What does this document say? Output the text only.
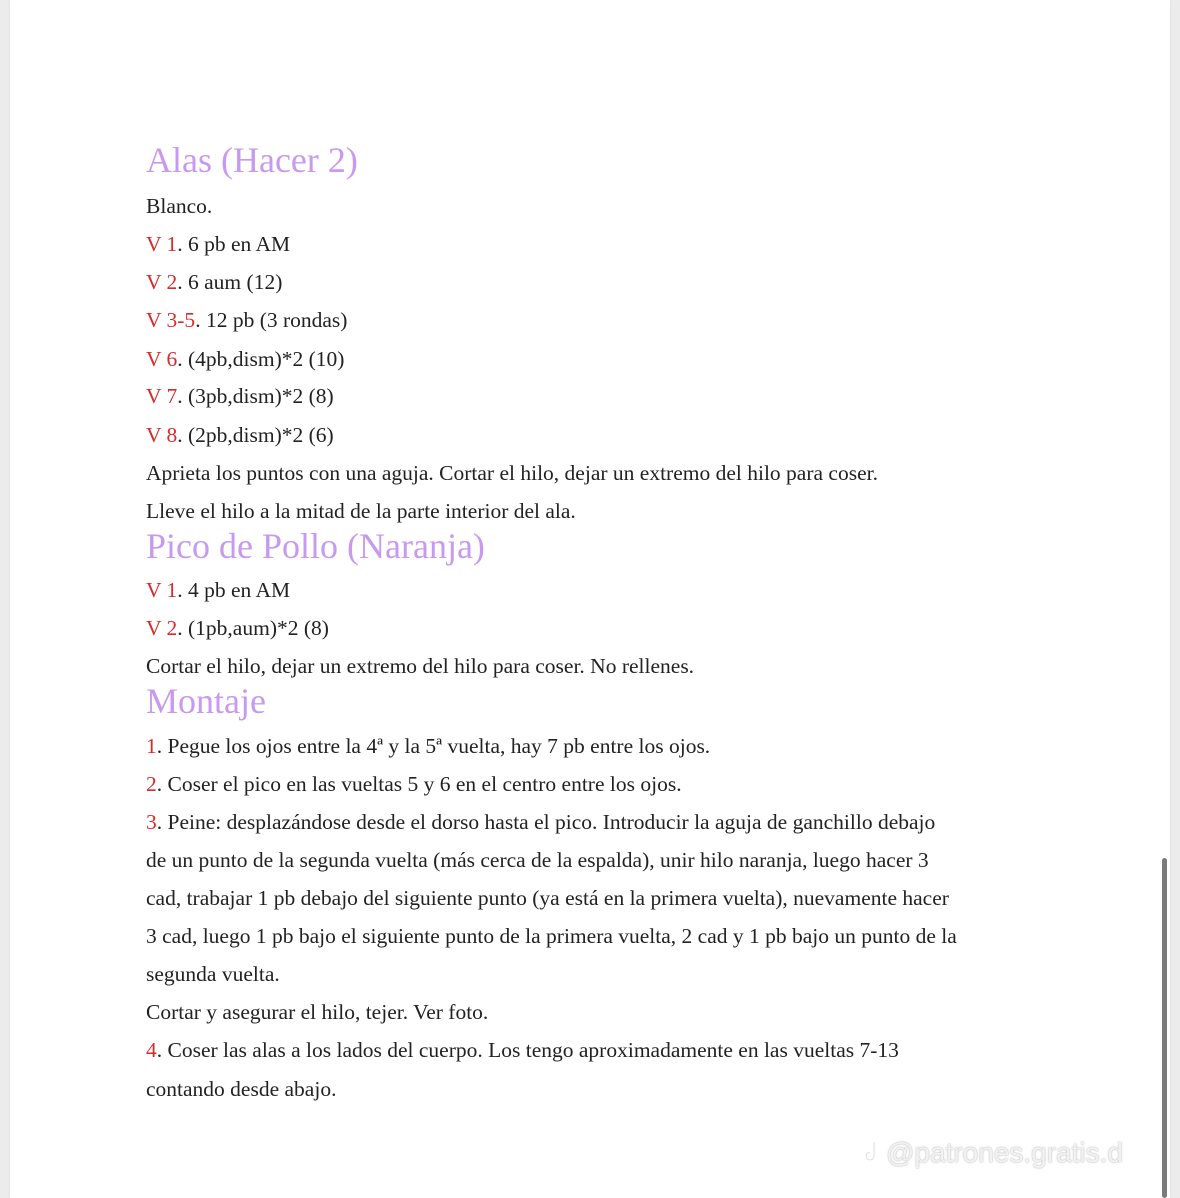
Alas (Hacer 2)
Blanco.
V 1. 6 pb en AM
V 2. 6 aum (12)
V 3-5. 12 pb (3 rondas)
V 6. (4pb,dism)*2 (10)
V 7. (3pb,dism)*2 (8)
V 8. (2pb,dism)*2 (6)
Aprieta los puntos con una aguja. Cortar el hilo, dejar un extremo del hilo para coser.
Lleve el hilo a la mitad de la parte interior del ala.
Pico de Pollo (Naranja)
V 1. 4 pb en AM
V 2. (1pb,aum)*2 (8)
Cortar el hilo, dejar un extremo del hilo para coser. No rellenes.
Montaje
1. Pegue los ojos entre la 4ª y la 5ª vuelta, hay 7 pb entre los ojos.
2. Coser el pico en las vueltas 5 y 6 en el centro entre los ojos.
3. Peine: desplazándose desde el dorso hasta el pico. Introducir la aguja de ganchillo debajo
de un punto de la segunda vuelta (más cerca de la espalda), unir hilo naranja, luego hacer 3
cad, trabajar 1 pb debajo del siguiente punto (ya está en la primera vuelta), nuevamente hacer
3 cad, luego 1 pb bajo el siguiente punto de la primera vuelta, 2 cad y 1 pb bajo un punto de la
segunda vuelta.
Cortar y asegurar el hilo, tejer. Ver foto.
4. Coser las alas a los lados del cuerpo. Los tengo aproximadamente en las vueltas 7-13
contando desde abajo.
@patrones.gratis.d
